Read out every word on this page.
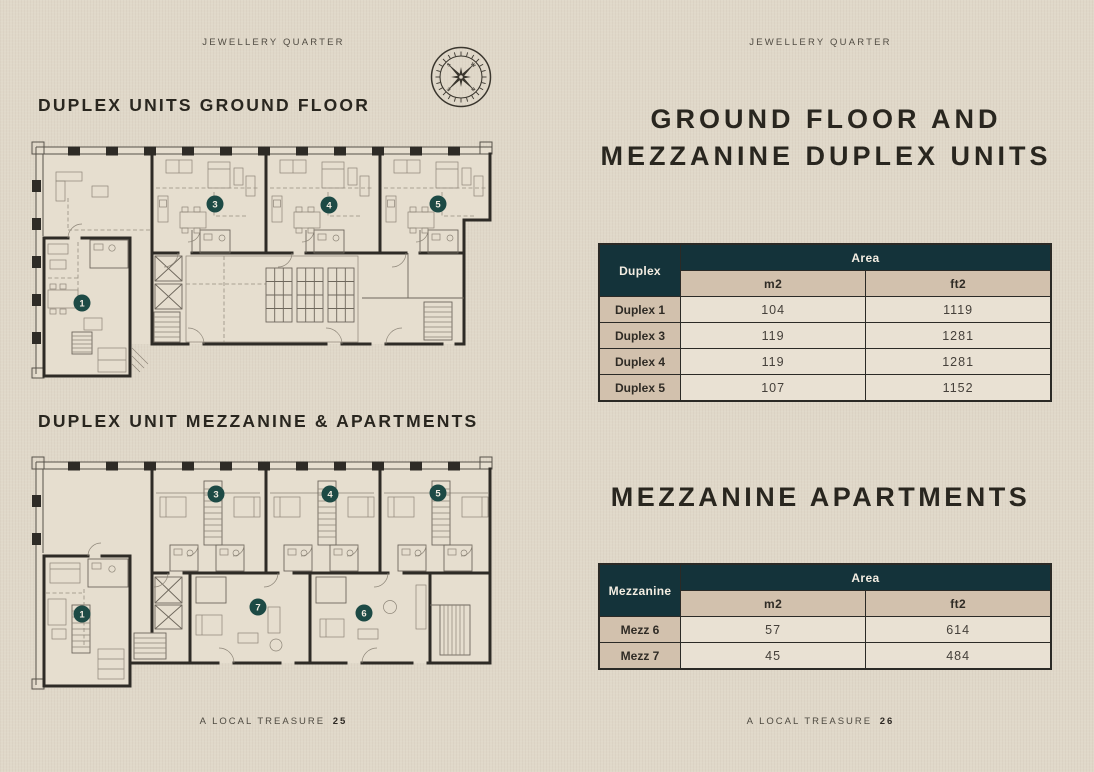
JEWELLERY QUARTER
S	W
E	N
DUPLEX UNITS GROUND FLOOR
3	4	5
1
DUPLEX UNIT MEZZANINE & APARTMENTS
3	4	5
1
7
6
A LOCAL TREASURE 25
JEWELLERY QUARTER
GROUND FLOOR AND MEZZANINE DUPLEX UNITS
Duplex	Area	
	m2	ft2
Duplex 1	104	1119
Duplex 3	119	1281
Duplex 4	119	1281
Duplex 5	107	1152
MEZZANINE APARTMENTS
Mezzanine	Area	
	m2	ft2
Mezz 6	57	614
Mezz 7	45	484
A LOCAL TREASURE 26
